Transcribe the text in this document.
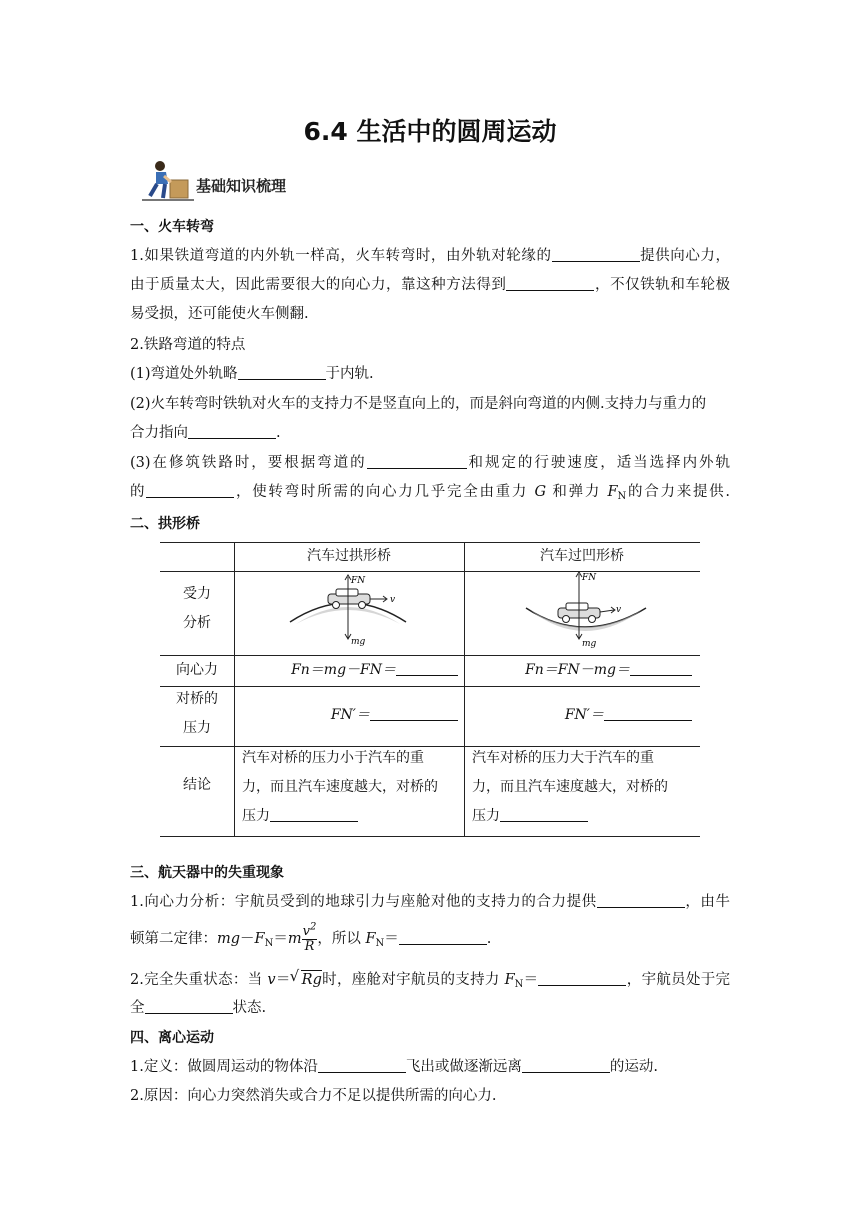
6.4 生活中的圆周运动
基础知识梳理
一、火车转弯
1.如果铁道弯道的内外轨一样高，火车转弯时，由外轨对轮缘的	提供向心力，
由于质量太大，因此需要很大的向心力，靠这种方法得到	，不仅铁轨和车轮极
易受损，还可能使火车侧翻.
2.铁路弯道的特点
(1)弯道处外轨略	于内轨.
(2)火车转弯时铁轨对火车的支持力不是竖直向上的，而是斜向弯道的内侧.支持力与重力的
合力指向	.
(3)在修筑铁路时，要根据弯道的	和规定的行驶速度，适当选择内外轨
的	，使转弯时所需的向心力几乎完全由重力 G 和弹力 $F_N$的合力来提供.
二、拱形桥
汽车过拱形桥	汽车过凹形桥
受力
分析
FN
v
mg
FN
v
mg
向心力	Fn＝mg－FN＝	Fn＝FN－mg＝
对桥的
压力
FN′＝	FN′＝
结论
汽车对桥的压力小于汽车的重
力，而且汽车速度越大，对桥的
压力
汽车对桥的压力大于汽车的重
力，而且汽车速度越大，对桥的
压力
三、航天器中的失重现象
1.向心力分析：宇航员受到的地球引力与座舱对他的支持力的合力提供	，由牛
顿第二定律：$mg-F_N=m \frac{v^2}{R}$ ，所以 $F_N=$	.
2.完全失重状态：当 v＝√ Rg时，座舱对宇航员的支持力 $F_N=$	，宇航员处于完
全	状态.
四、离心运动
1.定义：做圆周运动的物体沿	飞出或做逐渐远离	的运动.
2.原因：向心力突然消失或合力不足以提供所需的向心力.
